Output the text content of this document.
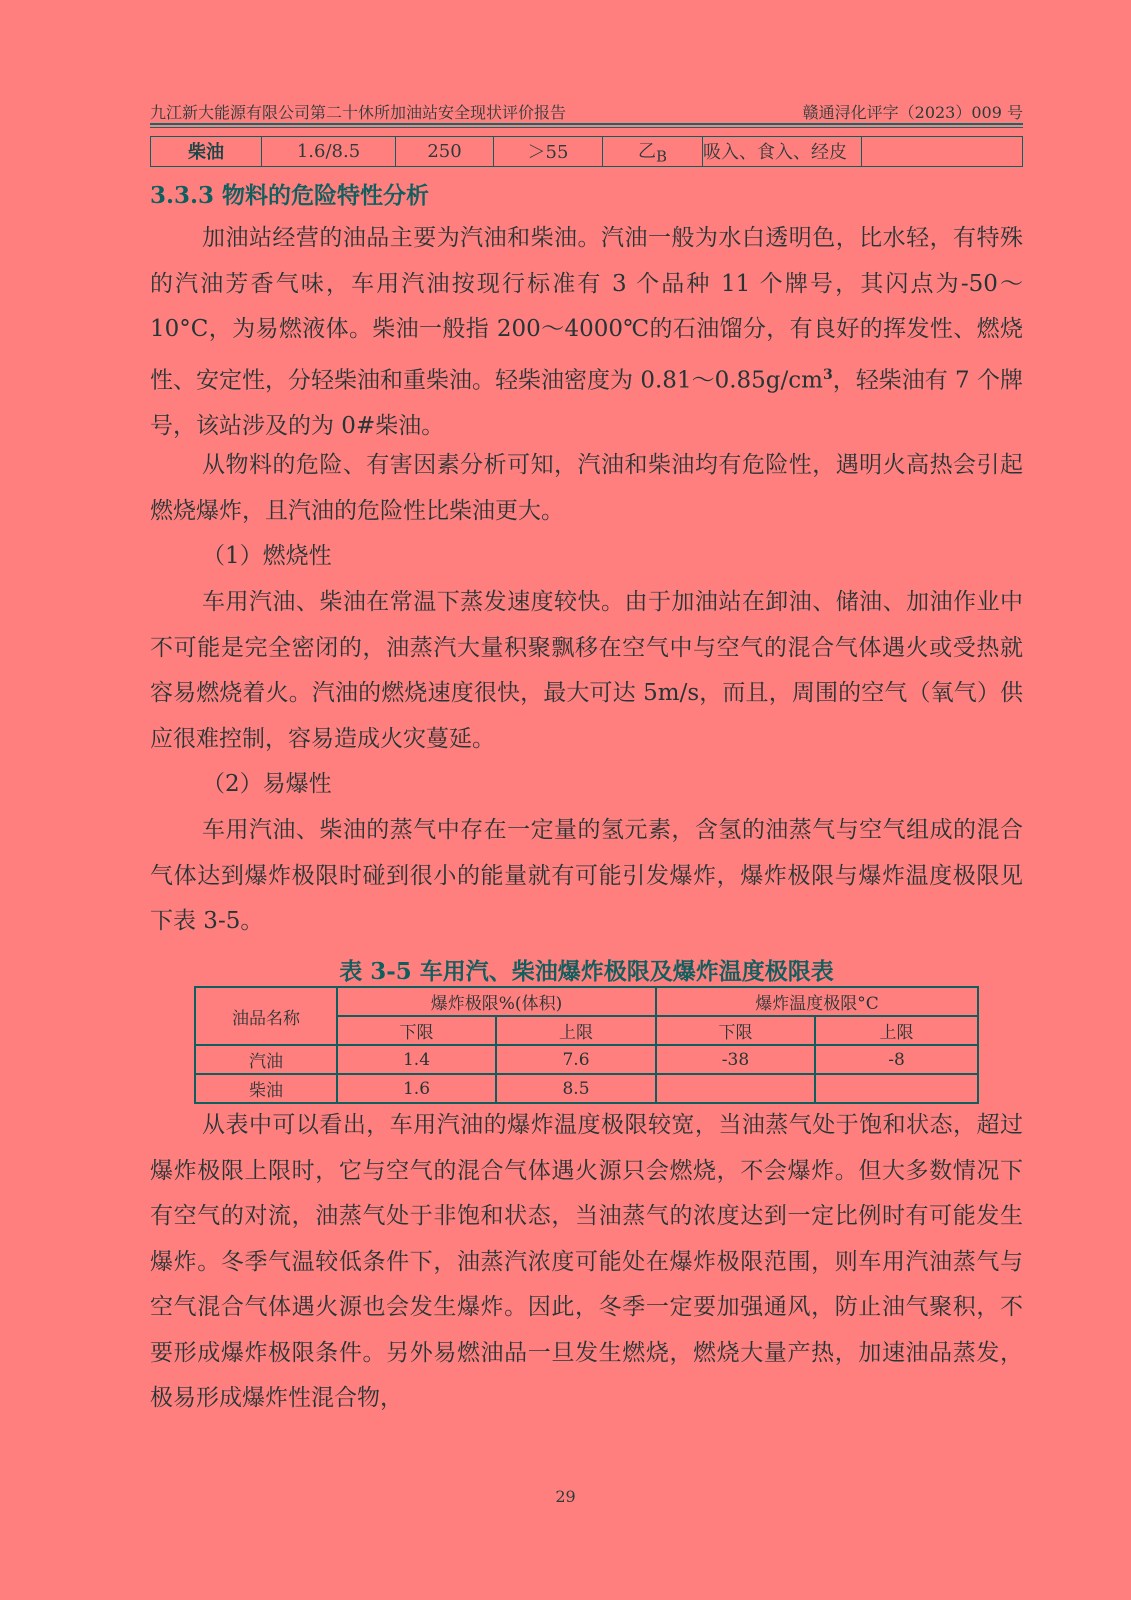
九江新大能源有限公司第二十休所加油站安全现状评价报告	赣通浔化评字（2023）009 号
柴油	1.6/8.5	250	＞55	乙$_B$	吸入、食入、经皮	
3.3.3 物料的危险特性分析

加油站经营的油品主要为汽油和柴油。汽油一般为水白透明色，比水轻，有特殊的汽油芳香气味，车用汽油按现行标准有 3 个品种 11 个牌号，其闪点为-50～10°C，为易燃液体。柴油一般指 200～4000℃的石油馏分，有良好的挥发性、燃烧性、安定性，分轻柴油和重柴油。轻柴油密度为 $0.81\sim 0.85g/cm^3$，轻柴油有 7 个牌号，该站涉及的为 0#柴油。

从物料的危险、有害因素分析可知，汽油和柴油均有危险性，遇明火高热会引起燃烧爆炸，且汽油的危险性比柴油更大。

（1）燃烧性

车用汽油、柴油在常温下蒸发速度较快。由于加油站在卸油、储油、加油作业中不可能是完全密闭的，油蒸汽大量积聚飘移在空气中与空气的混合气体遇火或受热就容易燃烧着火。汽油的燃烧速度很快，最大可达 5m/s，而且，周围的空气（氧气）供应很难控制，容易造成火灾蔓延。

（2）易爆性

车用汽油、柴油的蒸气中存在一定量的氢元素，含氢的油蒸气与空气组成的混合气体达到爆炸极限时碰到很小的能量就有可能引发爆炸，爆炸极限与爆炸温度极限见下表 3-5。

表 3-5 车用汽、柴油爆炸极限及爆炸温度极限表
油品名称	爆炸极限%(体积)		爆炸温度极限°C	
	下限	上限	下限	上限
汽油	1.4	7.6	-38	-8
柴油	1.6	8.5		

从表中可以看出，车用汽油的爆炸温度极限较宽，当油蒸气处于饱和状态，超过爆炸极限上限时，它与空气的混合气体遇火源只会燃烧，不会爆炸。但大多数情况下有空气的对流，油蒸气处于非饱和状态，当油蒸气的浓度达到一定比例时有可能发生爆炸。冬季气温较低条件下，油蒸汽浓度可能处在爆炸极限范围，则车用汽油蒸气与空气混合气体遇火源也会发生爆炸。因此，冬季一定要加强通风，防止油气聚积，不要形成爆炸极限条件。另外易燃油品一旦发生燃烧，燃烧大量产热，加速油品蒸发，极易形成爆炸性混合物，

29
